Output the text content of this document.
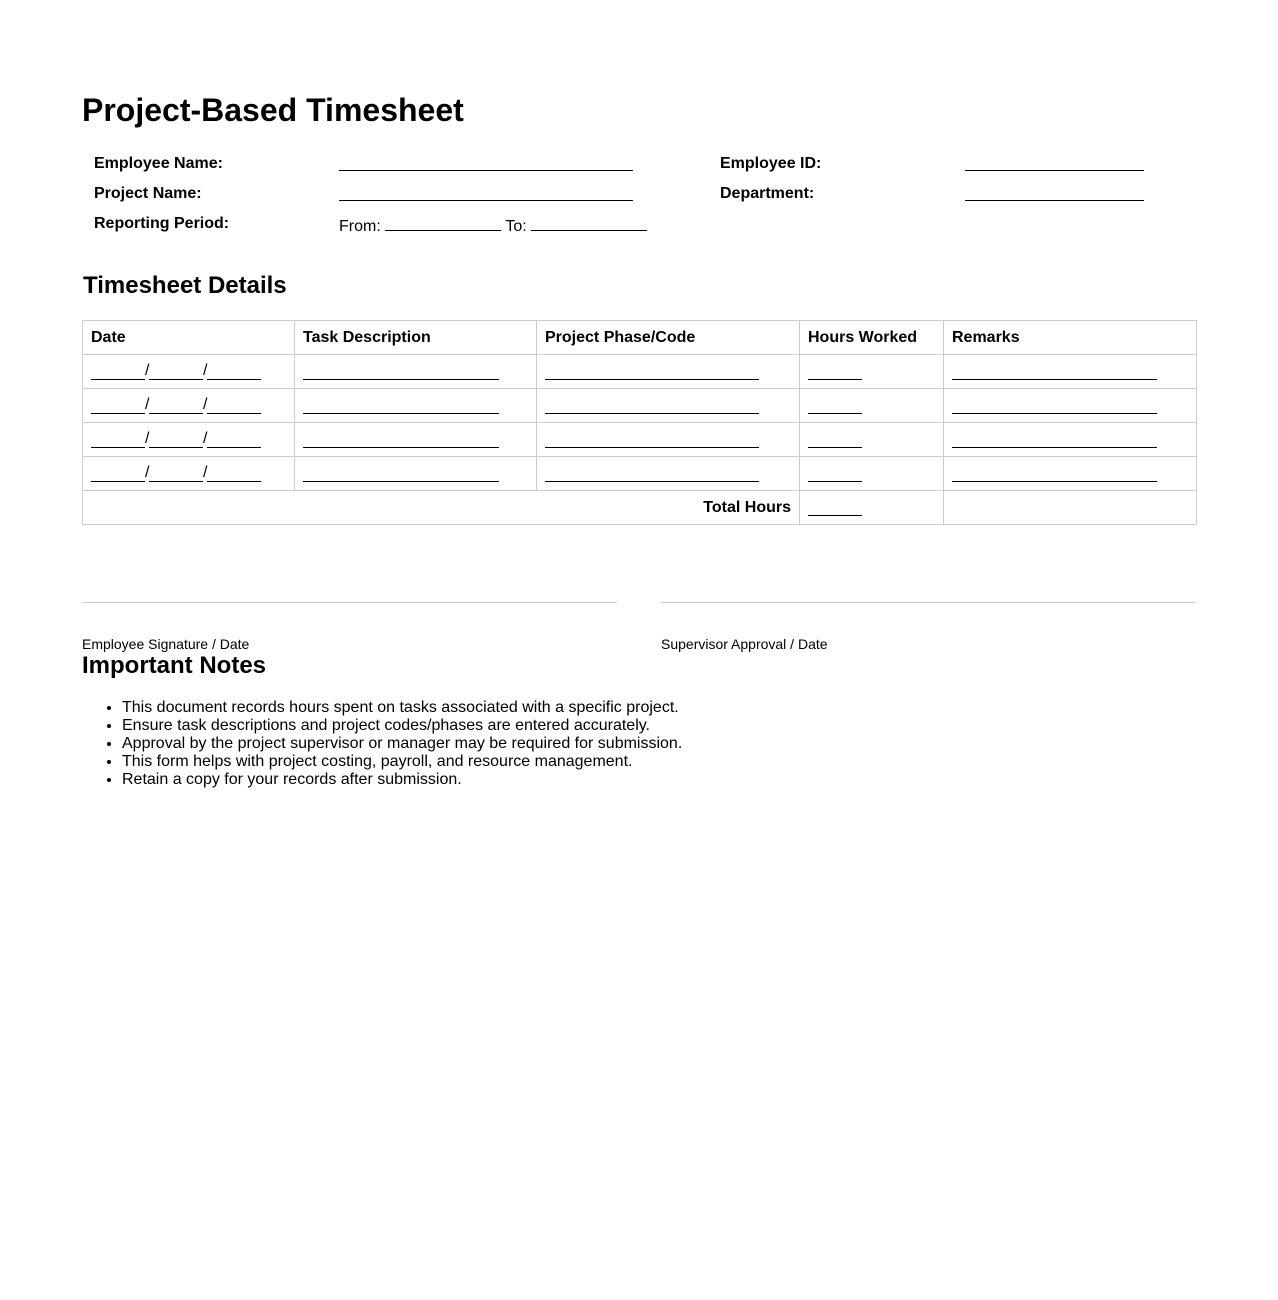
Project-Based Timesheet
Employee Name:	Employee ID:
Project Name:	Department:
Reporting Period:	From:	To:
Timesheet Details
Date	Task Description	Project Phase/Code	Hours Worked	Remarks
/ /				
/ /				
/ /				
/ /				
Total Hours				
Employee Signature / Date	Supervisor Approval / Date
Important Notes
• This document records hours spent on tasks associated with a specific project.
• Ensure task descriptions and project codes/phases are entered accurately.
• Approval by the project supervisor or manager may be required for submission.
• This form helps with project costing, payroll, and resource management.
• Retain a copy for your records after submission.
